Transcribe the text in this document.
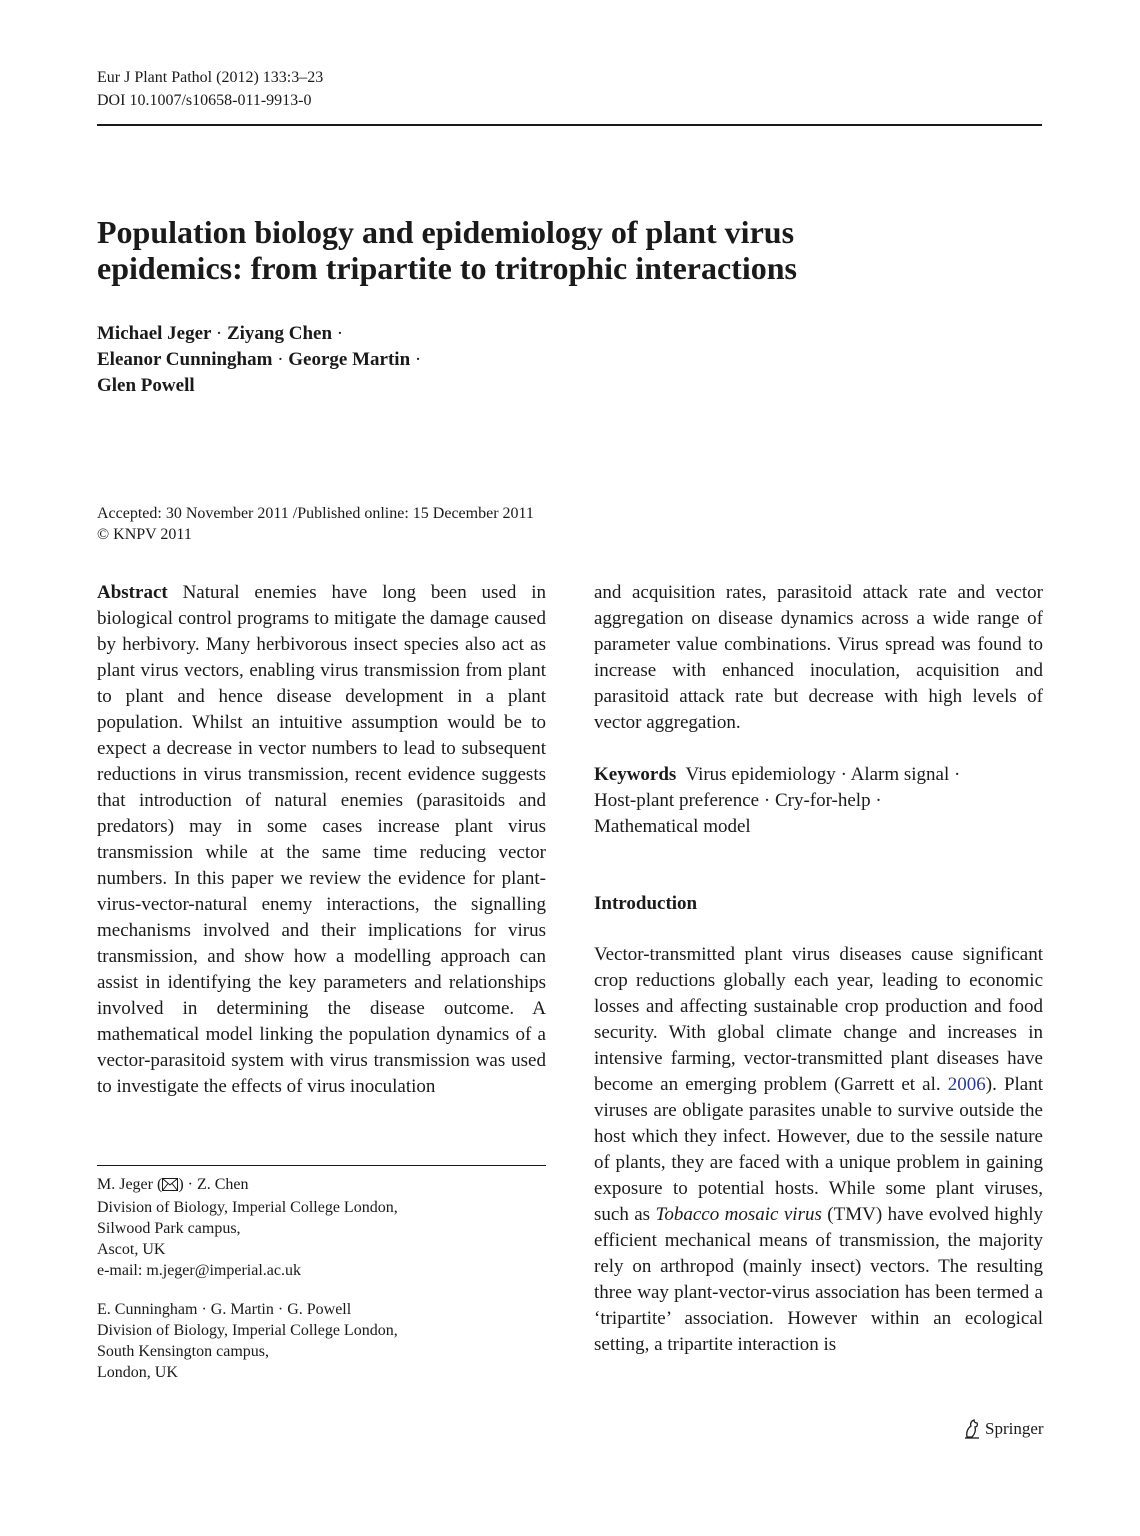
Eur J Plant Pathol (2012) 133:3–23
DOI 10.1007/s10658-011-9913-0
Population biology and epidemiology of plant virus
epidemics: from tripartite to tritrophic interactions
Michael Jeger · Ziyang Chen ·
Eleanor Cunningham · George Martin ·
Glen Powell
Accepted: 30 November 2011 /Published online: 15 December 2011
© KNPV 2011

Abstract Natural enemies have long been used in biological control programs to mitigate the damage caused by herbivory. Many herbivorous insect species also act as plant virus vectors, enabling virus transmission from plant to plant and hence disease development in a plant population. Whilst an intuitive assumption would be to expect a decrease in vector numbers to lead to subsequent reductions in virus transmission, recent evidence suggests that introduction of natural enemies (parasitoids and predators) may in some cases increase plant virus transmission while at the same time reducing vector numbers. In this paper we review the evidence for plant-virus-vector-natural enemy interactions, the signalling mechanisms involved and their implications for virus transmission, and show how a modelling approach can assist in identifying the key parameters and relationships involved in determining the disease outcome. A mathematical model linking the population dynamics of a vector-parasitoid system with virus transmission was used to investigate the effects of virus inoculation

and acquisition rates, parasitoid attack rate and vector aggregation on disease dynamics across a wide range of parameter value combinations. Virus spread was found to increase with enhanced inoculation, acquisition and parasitoid attack rate but decrease with high levels of vector aggregation.

Keywords Virus epidemiology · Alarm signal ·
Host-plant preference · Cry-for-help ·
Mathematical model
Introduction

Vector-transmitted plant virus diseases cause significant crop reductions globally each year, leading to economic losses and affecting sustainable crop production and food security. With global climate change and increases in intensive farming, vector-transmitted plant diseases have become an emerging problem (Garrett et al. 2006). Plant viruses are obligate parasites unable to survive outside the host which they infect. However, due to the sessile nature of plants, they are faced with a unique problem in gaining exposure to potential hosts. While some plant viruses, such as Tobacco mosaic virus (TMV) have evolved highly efficient mechanical means of transmission, the majority rely on arthropod (mainly insect) vectors. The resulting three way plant-vector-virus association has been termed a ‘tripartite’ association. However within an ecological setting, a tripartite interaction is

M. Jeger ( ) · Z. Chen
Division of Biology, Imperial College London,
Silwood Park campus,
Ascot, UK
e-mail: m.jeger@imperial.ac.uk
E. Cunningham · G. Martin · G. Powell
Division of Biology, Imperial College London,
South Kensington campus,
London, UK
Springer
